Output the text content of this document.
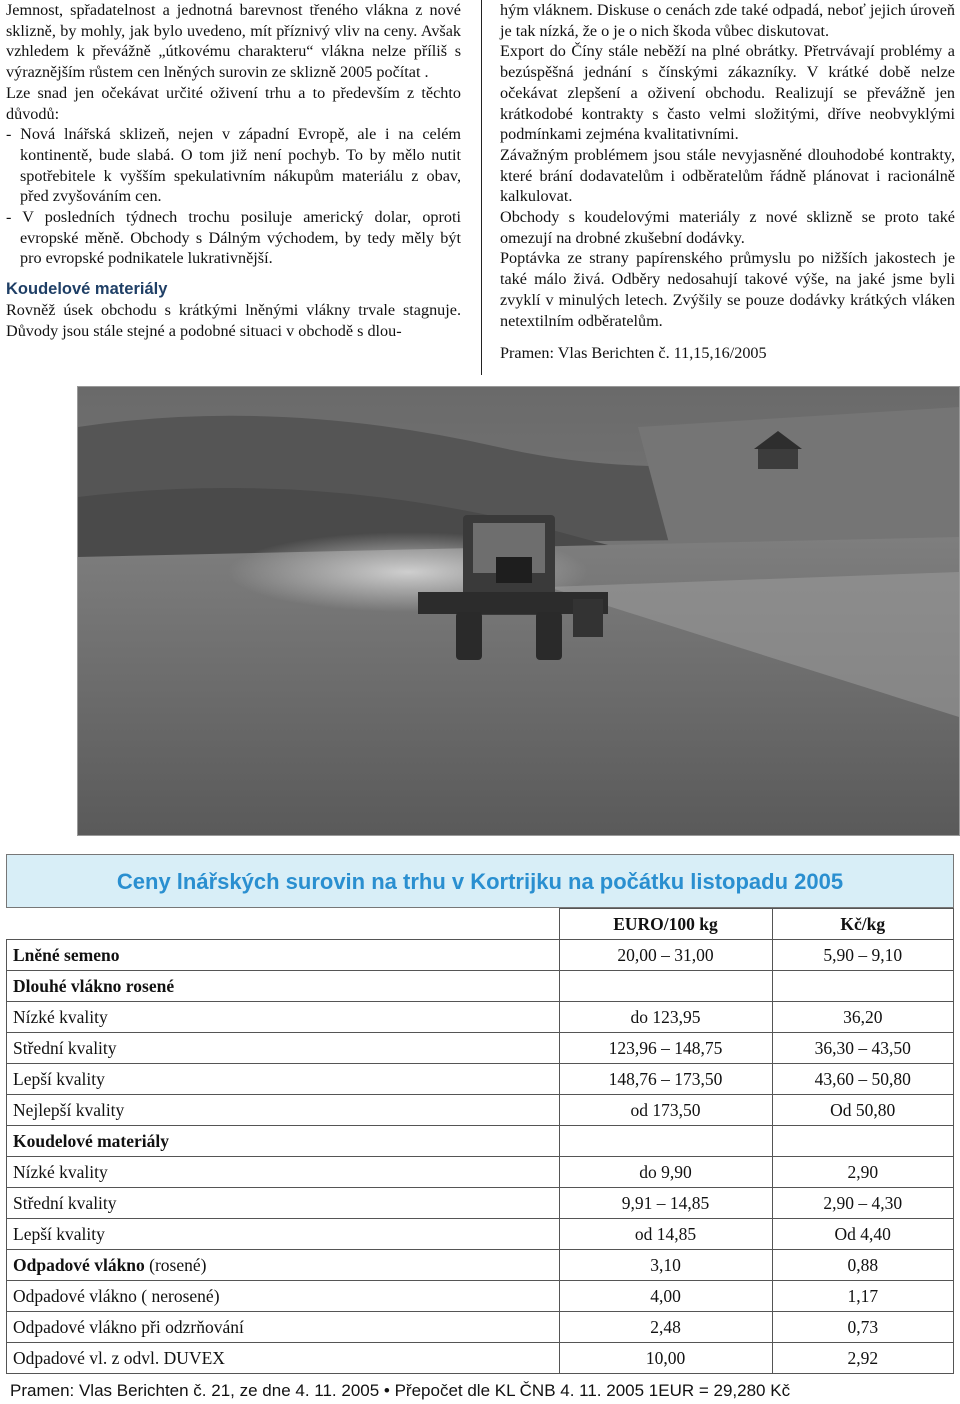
Jemnost, spřadatelnost a jednotná barevnost třeného vlákna z nové sklizně, by mohly, jak bylo uvedeno, mít příznivý vliv na ceny. Avšak vzhledem k převážně „útkovému charakteru“ vlákna nelze příliš s výraznějším růstem cen lněných surovin ze sklizně 2005 počítat .

Lze snad jen očekávat určité oživení trhu a to především z těchto důvodů:

- Nová lnářská sklizeň, nejen v západní Evropě, ale i na celém kontinentě, bude slabá. O tom již není pochyb. To by mělo nutit spotřebitele k vyšším spekulativním nákupům materiálu z obav, před zvyšováním cen.

- V posledních týdnech trochu posiluje americký dolar, oproti evropské měně. Obchody s Dálným východem, by tedy měly být pro evropské podnikatele lukrativnější.

Koudelové materiály

Rovněž úsek obchodu s krátkými lněnými vlákny trvale stagnuje. Důvody jsou stále stejné a podobné situaci v obchodě s dlou-

hým vláknem. Diskuse o cenách zde také odpadá, neboť jejich úroveň je tak nízká, že o je o nich škoda vůbec diskutovat.

Export do Číny stále neběží na plné obrátky. Přetrvávají problémy a bezúspěšná jednání s čínskými zákazníky. V krátké době nelze očekávat zlepšení a oživení obchodu. Realizují se převážně jen krátkodobé kontrakty s často velmi složitými, dříve neobvyklými podmínkami zejména kvalitativními.

Závažným problémem jsou stále nevyjasněné dlouhodobé kontrakty, které brání dodavatelům i odběratelům řádně plánovat i racionálně kalkulovat.

Obchody s koudelovými materiály z nové sklizně se proto také omezují na drobné zkušební dodávky.

Poptávka ze strany papírenského průmyslu po nižších jakostech je také málo živá. Odběry nedosahují takové výše, na jaké jsme byli zvyklí v minulých letech. Zvýšily se pouze dodávky krátkých vláken netextilním odběratelům.

Pramen: Vlas Berichten č. 11,15,16/2005

Ceny lnářských surovin na trhu v Kortrijku na počátku listopadu 2005
	EURO/100 kg	Kč/kg
Lněné semeno	20,00 – 31,00	5,90 – 9,10
Dlouhé vlákno rosené		
Nízké kvality	do 123,95	36,20
Střední kvality	123,96 – 148,75	36,30 – 43,50
Lepší kvality	148,76 – 173,50	43,60 – 50,80
Nejlepší kvality	od 173,50	Od 50,80
Koudelové materiály		
Nízké kvality	do 9,90	2,90
Střední kvality	9,91 – 14,85	2,90 – 4,30
Lepší kvality	od 14,85	Od 4,40
Odpadové vlákno (rosené)	3,10	0,88
Odpadové vlákno ( nerosené)	4,00	1,17
Odpadové vlákno při odzrňování	2,48	0,73
Odpadové vl. z odvl. DUVEX	10,00	2,92
Pramen: Vlas Berichten č. 21, ze dne 4. 11. 2005 • Přepočet dle KL ČNB 4. 11. 2005 1EUR = 29,280 Kč
